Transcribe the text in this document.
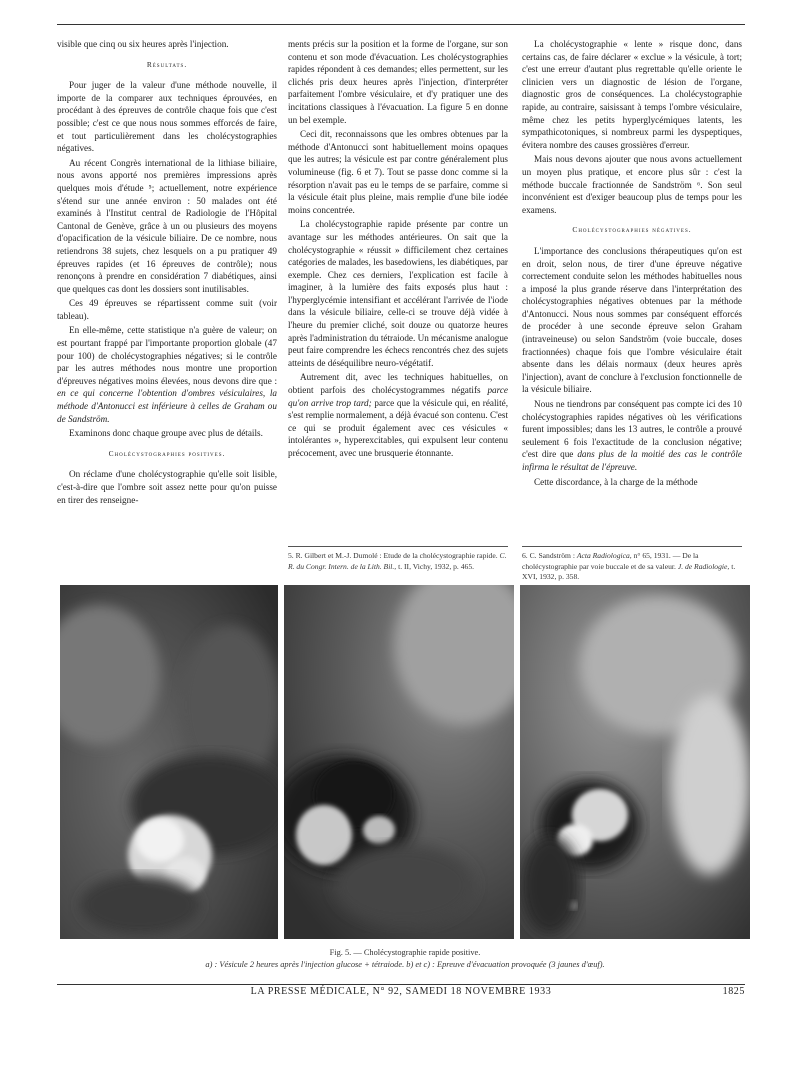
visible que cinq ou six heures après l'injection.

Résultats.

Pour juger de la valeur d'une méthode nouvelle, il importe de la comparer aux techniques éprouvées, en procédant à des épreuves de contrôle chaque fois que c'est possible; c'est ce que nous nous sommes efforcés de faire, et tout particulièrement dans les cholécystographies négatives.

Au récent Congrès international de la lithiase biliaire, nous avons apporté nos premières impressions après quelques mois d'étude ⁵; actuellement, notre expérience s'étend sur une année environ : 50 malades ont été examinés à l'Institut central de Radiologie de l'Hôpital Cantonal de Genève, grâce à un ou plusieurs des moyens d'opacification de la vésicule biliaire. De ce nombre, nous retiendrons 38 sujets, chez lesquels on a pu pratiquer 49 épreuves rapides (et 16 épreuves de contrôle); nous renonçons à prendre en considération 7 diabétiques, ainsi que quelques cas dont les dossiers sont inutilisables.

Ces 49 épreuves se répartissent comme suit (voir tableau).

En elle-même, cette statistique n'a guère de valeur; on est pourtant frappé par l'importante proportion globale (47 pour 100) de cholécystographies négatives; si le contrôle par les autres méthodes nous montre une proportion d'épreuves négatives moins élevées, nous devons dire que : en ce qui concerne l'obtention d'ombres vésiculaires, la méthode d'Antonucci est inférieure à celles de Graham ou de Sandström.

Examinons donc chaque groupe avec plus de détails.

Cholécystographies positives.

On réclame d'une cholécystographie qu'elle soit lisible, c'est-à-dire que l'ombre soit assez nette pour qu'on puisse en tirer des renseigne-

ments précis sur la position et la forme de l'organe, sur son contenu et son mode d'évacuation. Les cholécystographies rapides répondent à ces demandes; elles permettent, sur les clichés pris deux heures après l'injection, d'interpréter parfaitement l'ombre vésiculaire, et d'y pratiquer une des incitations classiques à l'évacuation. La figure 5 en donne un bel exemple.

Ceci dit, reconnaissons que les ombres obtenues par la méthode d'Antonucci sont habituellement moins opaques que les autres; la vésicule est par contre généralement plus volumineuse (fig. 6 et 7). Tout se passe donc comme si la résorption n'avait pas eu le temps de se parfaire, comme si la vésicule était plus pleine, mais remplie d'une bile iodée moins concentrée.

La cholécystographie rapide présente par contre un avantage sur les méthodes antérieures. On sait que la cholécystographie « réussit » difficilement chez certaines catégories de malades, les basedowiens, les diabétiques, par exemple. Chez ces derniers, l'explication est facile à imaginer, à la lumière des faits exposés plus haut : l'hyperglycémie intensifiant et accélérant l'arrivée de l'iode dans la vésicule biliaire, celle-ci se trouve déjà vidée à l'heure du premier cliché, soit douze ou quatorze heures après l'administration du tétraiode. Un mécanisme analogue peut faire comprendre les échecs rencontrés chez des sujets atteints de déséquilibre neuro-végétatif.

Autrement dit, avec les techniques habituelles, on obtient parfois des cholécystogrammes négatifs parce qu'on arrive trop tard; parce que la vésicule qui, en réalité, s'est remplie normalement, a déjà évacué son contenu. C'est ce qui se produit également avec ces vésicules « intolérantes », hyperexcitables, qui expulsent leur contenu précocement, avec une brusquerie étonnante.

La cholécystographie « lente » risque donc, dans certains cas, de faire déclarer « exclue » la vésicule, à tort; c'est une erreur d'autant plus regrettable qu'elle oriente le clinicien vers un diagnostic de lésion de l'organe, diagnostic gros de conséquences. La cholécystographie rapide, au contraire, saisissant à temps l'ombre vésiculaire, même chez les petits hyperglycémiques latents, les sympathicotoniques, si nombreux parmi les dyspeptiques, évitera nombre des causes grossières d'erreur.

Mais nous devons ajouter que nous avons actuellement un moyen plus pratique, et encore plus sûr : c'est la méthode buccale fractionnée de Sandström ⁶. Son seul inconvénient est d'exiger beaucoup plus de temps pour les examens.

Cholécystographies négatives.

L'importance des conclusions thérapeutiques qu'on est en droit, selon nous, de tirer d'une épreuve négative correctement conduite selon les méthodes habituelles nous a imposé la plus grande réserve dans l'interprétation des cholécystographies négatives obtenues par la méthode d'Antonucci. Nous nous sommes par conséquent efforcés de procéder à une seconde épreuve selon Graham (intraveineuse) ou selon Sandström (voie buccale, doses fractionnées) chaque fois que l'ombre vésiculaire était absente dans les délais normaux (deux heures après l'injection), avant de conclure à l'exclusion fonctionnelle de la vésicule biliaire.

Nous ne tiendrons par conséquent pas compte ici des 10 cholécystographies rapides négatives où les vérifications furent impossibles; dans les 13 autres, le contrôle a prouvé seulement 6 fois l'exactitude de la conclusion négative; c'est dire que dans plus de la moitié des cas le contrôle infirma le résultat de l'épreuve.

Cette discordance, à la charge de la méthode

5. R. Gilbert et M.-J. Dumolé : Etude de la cholécystographie rapide. C. R. du Congr. Intern. de la Lith. Bil., t. II, Vichy, 1932, p. 465.
6. C. Sandström : Acta Radiologica, n° 65, 1931. — De la cholécystographie par voie buccale et de sa valeur. J. de Radiologie, t. XVI, 1932, p. 358.
Fig. 5. — Cholécystographie rapide positive.
a) : Vésicule 2 heures après l'injection glucose + tétraiode. b) et c) : Epreuve d'évacuation provoquée (3 jaunes d'œuf).
LA PRESSE MÉDICALE, N° 92, SAMEDI 18 NOVEMBRE 1933	1825
